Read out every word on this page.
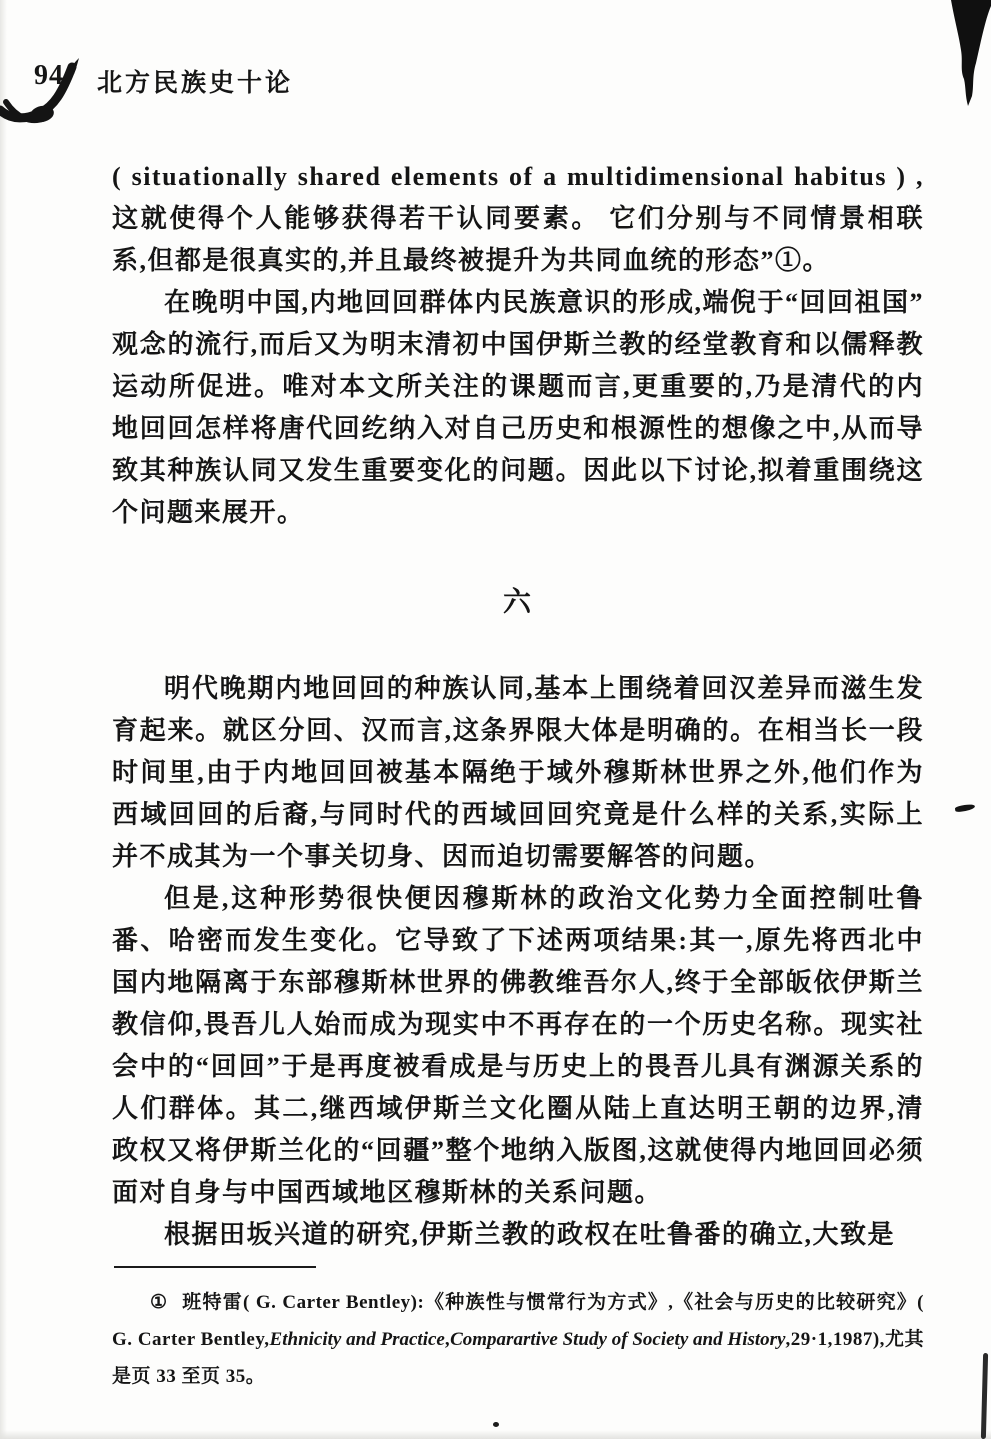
94 北方民族史十论

( situationally shared elements of a multidimensional habitus ) ,这就使得个人能够获得若干认同要素。 它们分别与不同情景相联系,但都是很真实的,并且最终被提升为共同血统的形态”①。

在晚明中国,内地回回群体内民族意识的形成,端倪于“回回祖国”观念的流行,而后又为明末清初中国伊斯兰教的经堂教育和以儒释教运动所促进。唯对本文所关注的课题而言,更重要的,乃是清代的内地回回怎样将唐代回纥纳入对自己历史和根源性的想像之中,从而导致其种族认同又发生重要变化的问题。因此以下讨论,拟着重围绕这个问题来展开。

六

明代晚期内地回回的种族认同,基本上围绕着回汉差异而滋生发育起来。就区分回、汉而言,这条界限大体是明确的。在相当长一段时间里,由于内地回回被基本隔绝于域外穆斯林世界之外,他们作为西域回回的后裔,与同时代的西域回回究竟是什么样的关系,实际上并不成其为一个事关切身、因而迫切需要解答的问题。

但是,这种形势很快便因穆斯林的政治文化势力全面控制吐鲁番、哈密而发生变化。它导致了下述两项结果:其一,原先将西北中国内地隔离于东部穆斯林世界的佛教维吾尔人,终于全部皈依伊斯兰教信仰,畏吾儿人始而成为现实中不再存在的一个历史名称。现实社会中的“回回”于是再度被看成是与历史上的畏吾儿具有渊源关系的人们群体。其二,继西域伊斯兰文化圈从陆上直达明王朝的边界,清政权又将伊斯兰化的“回疆”整个地纳入版图,这就使得内地回回必须面对自身与中国西域地区穆斯林的关系问题。

根据田坂兴道的研究,伊斯兰教的政权在吐鲁番的确立,大致是

① 班特雷( G. Carter Bentley):《种族性与惯常行为方式》,《社会与历史的比较研究》( G. Carter Bentley,Ethnicity and Practice,Comparartive Study of Society and History,29·1,1987),尤其是页 33 至页 35。
